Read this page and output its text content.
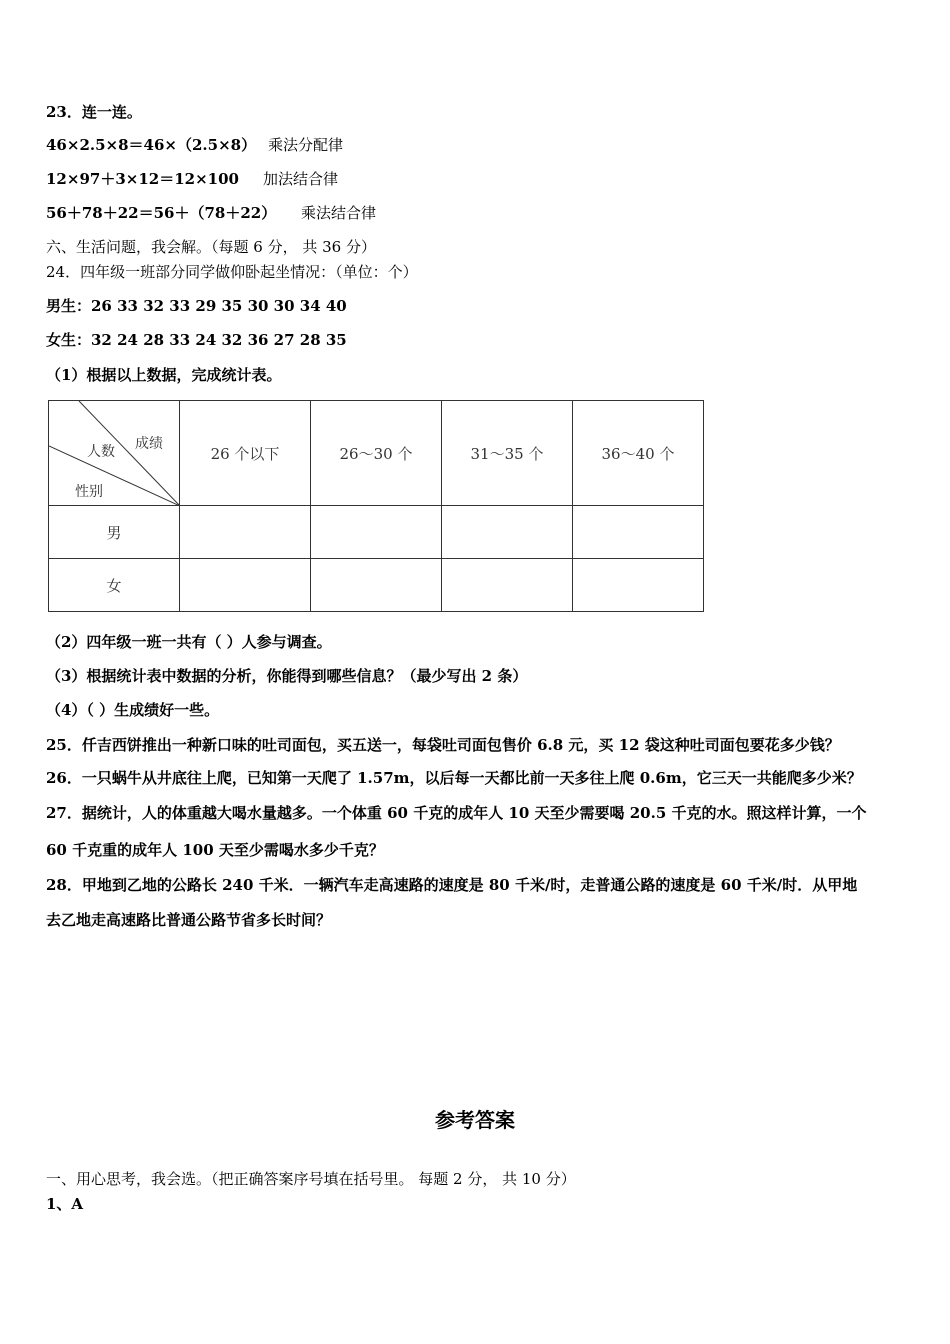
23．连一连。
46×2.5×8＝46×（2.5×8） 乘法分配律
12×97＋3×12＝12×100 加法结合律
56＋78＋22＝56＋（78＋22） 乘法结合律
六、生活问题，我会解。（每题 6 分， 共 36 分）
24．四年级一班部分同学做仰卧起坐情况：（单位：个）
男生：26 33 32 33 29 35 30 30 34 40
女生：32 24 28 33 24 32 36 27 28 35
（1）根据以上数据，完成统计表。
成绩
人数
性别	26 个以下	26～30 个	31～35 个	36～40 个
男				
女				
（2）四年级一班一共有（ ）人参与调查。
（3）根据统计表中数据的分析，你能得到哪些信息？（最少写出 2 条）
（4）（ ）生成绩好一些。
25．仟吉西饼推出一种新口味的吐司面包，买五送一，每袋吐司面包售价 6.8 元，买 12 袋这种吐司面包要花多少钱？
26．一只蜗牛从井底往上爬，已知第一天爬了 1.57m，以后每一天都比前一天多往上爬 0.6m，它三天一共能爬多少米？
27．据统计，人的体重越大喝水量越多。一个体重 60 千克的成年人 10 天至少需要喝 20.5 千克的水。照这样计算，一个
60 千克重的成年人 100 天至少需喝水多少千克？
28．甲地到乙地的公路长 240 千米．一辆汽车走高速路的速度是 80 千米/时，走普通公路的速度是 60 千米/时．从甲地
去乙地走高速路比普通公路节省多长时间？
参考答案
一、用心思考，我会选。（把正确答案序号填在括号里。 每题 2 分， 共 10 分）
1、A
